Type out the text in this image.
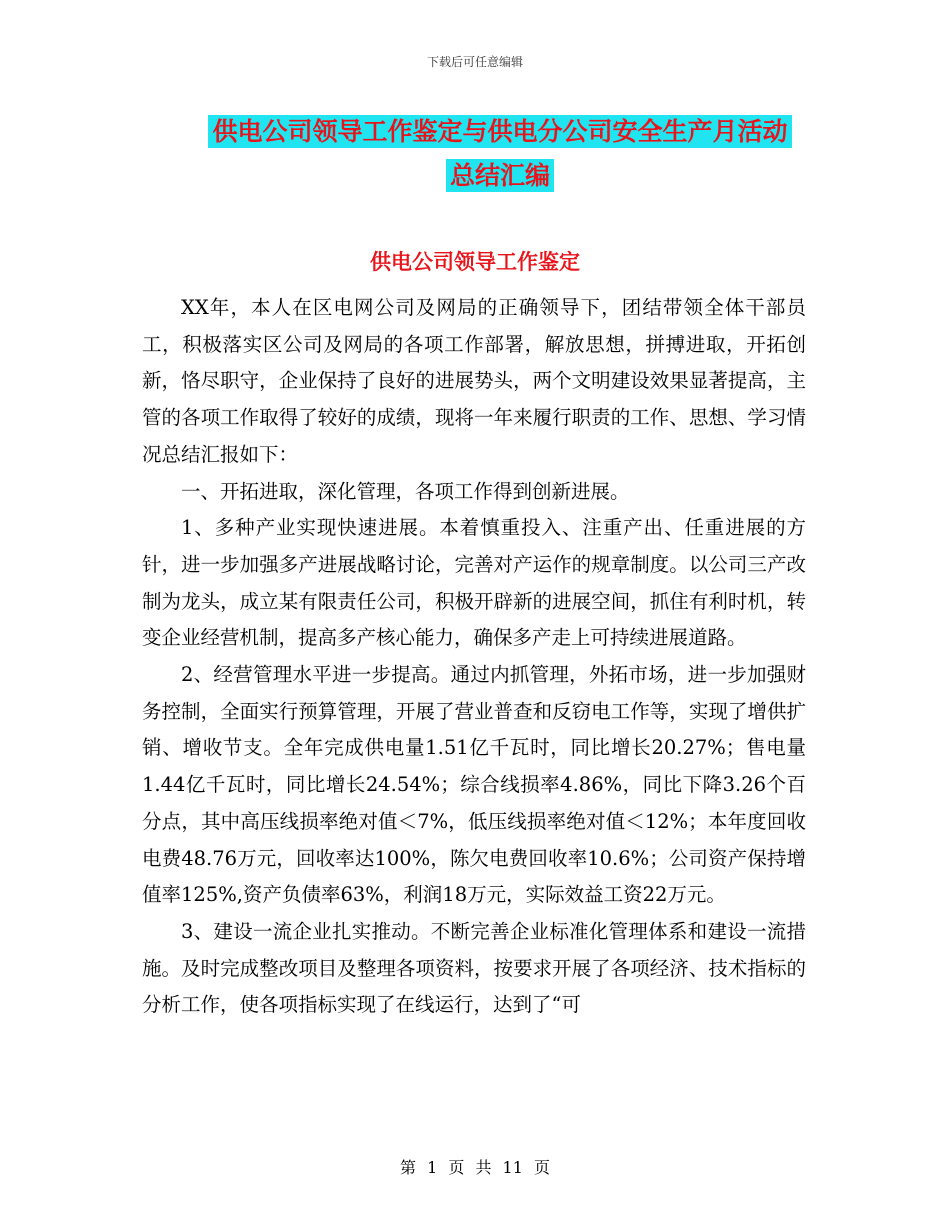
下载后可任意编辑
供电公司领导工作鉴定与供电分公司安全生产月活动
总结汇编
供电公司领导工作鉴定

XX年，本人在区电网公司及网局的正确领导下，团结带领全体干部员工，积极落实区公司及网局的各项工作部署，解放思想，拼搏进取，开拓创新，恪尽职守，企业保持了良好的进展势头，两个文明建设效果显著提高，主管的各项工作取得了较好的成绩，现将一年来履行职责的工作、思想、学习情况总结汇报如下：

一、开拓进取，深化管理，各项工作得到创新进展。

1、多种产业实现快速进展。本着慎重投入、注重产出、任重进展的方针，进一步加强多产进展战略讨论，完善对产运作的规章制度。以公司三产改制为龙头，成立某有限责任公司，积极开辟新的进展空间，抓住有利时机，转变企业经营机制，提高多产核心能力，确保多产走上可持续进展道路。

2、经营管理水平进一步提高。通过内抓管理，外拓市场，进一步加强财务控制，全面实行预算管理，开展了营业普查和反窃电工作等，实现了增供扩销、增收节支。全年完成供电量1.51亿千瓦时，同比增长20.27%；售电量1.44亿千瓦时，同比增长24.54%；综合线损率4.86%，同比下降3.26个百分点，其中高压线损率绝对值＜7%，低压线损率绝对值＜12%；本年度回收电费48.76万元，回收率达100%，陈欠电费回收率10.6%；公司资产保持增值率125%,资产负债率63%，利润18万元，实际效益工资22万元。

3、建设一流企业扎实推动。不断完善企业标准化管理体系和建设一流措施。及时完成整改项目及整理各项资料，按要求开展了各项经济、技术指标的分析工作，使各项指标实现了在线运行，达到了“可

第 1 页 共 11 页
